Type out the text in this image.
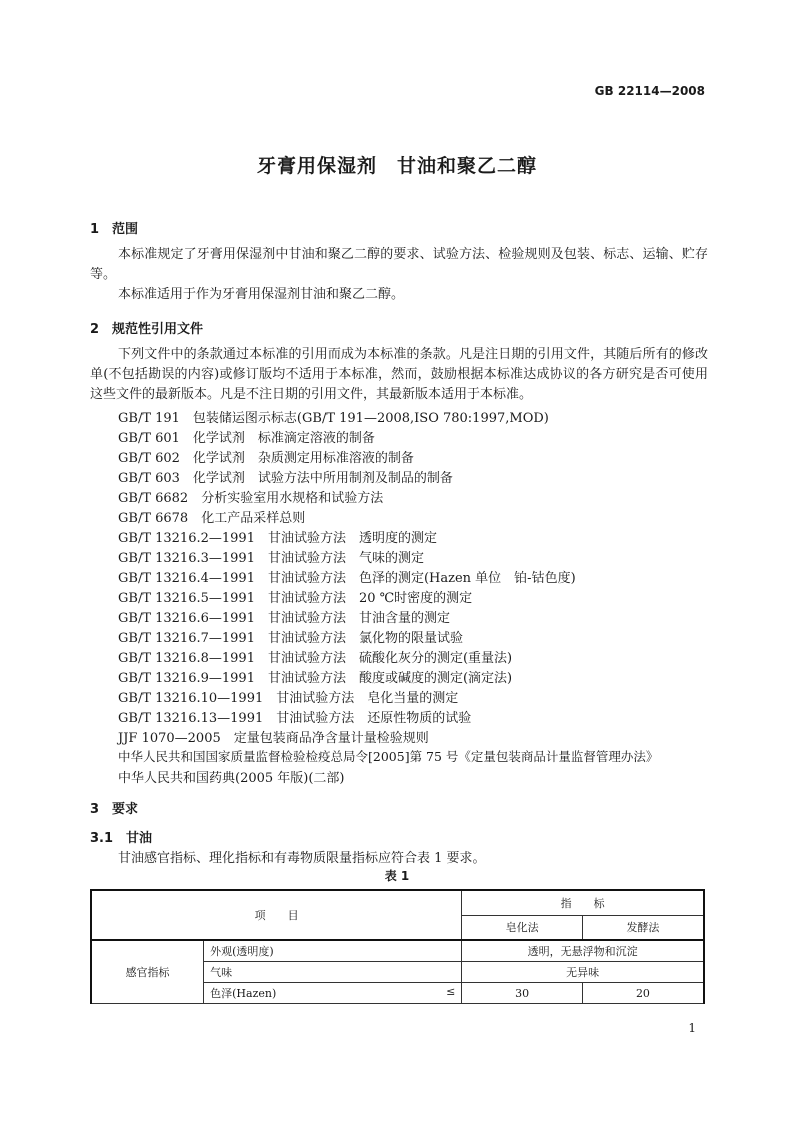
GB 22114—2008
牙膏用保湿剂　甘油和聚乙二醇
1　范围
本标准规定了牙膏用保湿剂中甘油和聚乙二醇的要求、试验方法、检验规则及包装、标志、运输、贮存等。
本标准适用于作为牙膏用保湿剂甘油和聚乙二醇。
2　规范性引用文件
下列文件中的条款通过本标准的引用而成为本标准的条款。凡是注日期的引用文件，其随后所有的修改单(不包括勘误的内容)或修订版均不适用于本标准，然而，鼓励根据本标准达成协议的各方研究是否可使用这些文件的最新版本。凡是不注日期的引用文件，其最新版本适用于本标准。
GB/T 191　包装储运图示标志(GB/T 191—2008,ISO 780:1997,MOD)
GB/T 601　化学试剂　标准滴定溶液的制备
GB/T 602　化学试剂　杂质测定用标准溶液的制备
GB/T 603　化学试剂　试验方法中所用制剂及制品的制备
GB/T 6682　分析实验室用水规格和试验方法
GB/T 6678　化工产品采样总则
GB/T 13216.2—1991　甘油试验方法　透明度的测定
GB/T 13216.3—1991　甘油试验方法　气味的测定
GB/T 13216.4—1991　甘油试验方法　色泽的测定(Hazen 单位　铂-钴色度)
GB/T 13216.5—1991　甘油试验方法　20 ℃时密度的测定
GB/T 13216.6—1991　甘油试验方法　甘油含量的测定
GB/T 13216.7—1991　甘油试验方法　氯化物的限量试验
GB/T 13216.8—1991　甘油试验方法　硫酸化灰分的测定(重量法)
GB/T 13216.9—1991　甘油试验方法　酸度或碱度的测定(滴定法)
GB/T 13216.10—1991　甘油试验方法　皂化当量的测定
GB/T 13216.13—1991　甘油试验方法　还原性物质的试验
JJF 1070—2005　定量包装商品净含量计量检验规则
中华人民共和国国家质量监督检验检疫总局令[2005]第 75 号《定量包装商品计量监督管理办法》
中华人民共和国药典(2005 年版)(二部)
3　要求
3.1　甘油
甘油感官指标、理化指标和有毒物质限量指标应符合表 1 要求。
表 1
项　　目		指　　标	
		皂化法	发酵法
感官指标	外观(透明度)	透明，无悬浮物和沉淀	
	气味	无异味	
	色泽(Hazen) ≤	30	20
1
